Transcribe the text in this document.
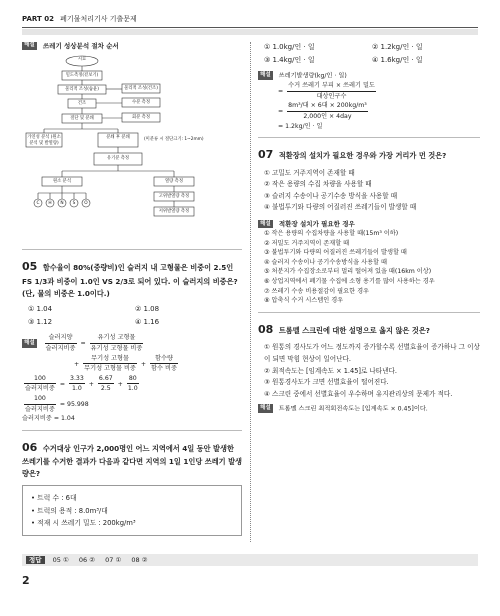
PART 02 폐기물처리기사 기출문제
해설 쓰레기 성상분석 절차 순서
시료
밀도측정(겉보기)
물리적 조성(습윤)
건조
물리적 조성(건조)
수분 측정
절단 및 분쇄	회분 측정
가연성 분석 (원소분석 및 발열량)
분쇄 후 분쇄	(미분류 시 절단크기: 1~2mm)
유기분 측정
원소 분석	열량 측정
C	H	N	S	O
고위발열량 측정
저위발열량 측정
05 함수율이 80%(중량비)인 슬러지 내 고형물은 비중이 2.5인 FS 1/3과 비중이 1.0인 VS 2/3로 되어 있다. 이 슬러지의 비중은?(단, 물의 비중은 1.0이다.)
① 1.04	② 1.08
③ 1.12	④ 1.16
해설 $\frac{\text{슬러지양}}{\text{슬러지비중}} = \frac{\text{유기성 고형물}}{\text{유기성 고형물 비중}}$
+ $\frac{\text{무기성 고형물}}{\text{무기성 고형물 비중}} + \frac{\text{함수량}}{\text{함수 비중}}$
$\frac{100}{\text{슬러지비중}} = \frac{3.33}{1.0} + \frac{6.67}{2.5} + \frac{80}{1.0}$
$\frac{100}{\text{슬러지비중}} = 95.998$
슬러지비중 = 1.04
06 수거대상 인구가 2,000명인 어느 지역에서 4일 동안 발생한 쓰레기를 수거한 결과가 다음과 같다면 지역의 1일 1인당 쓰레기 발생량은?
• 트럭 수 : 6대
• 트럭의 용적 : 8.0m³/대
• 적재 시 쓰레기 밀도 : 200kg/m³
① 1.0kg/인 · 일	② 1.2kg/인 · 일
③ 1.4kg/인 · 일	④ 1.6kg/인 · 일
해설 쓰레기발생량(kg/인 · 일)
= $\frac{\text{수거 쓰레기 부피 × 쓰레기 밀도}}{\text{대상인구수}}$
= $\frac{\text{8m³/대 × 6대 × 200kg/m³}}{\text{2,000인 × 4day}}$
= 1.2kg/인 · 일
07 적환장의 설치가 필요한 경우와 가장 거리가 먼 것은?
① 고밀도 거주지역이 존재할 때
② 작은 용량의 수집 차량을 사용할 때
③ 슬러지 수송이나 공기수송 방식을 사용할 때
④ 불법투기와 다량의 어질러진 쓰레기들이 발생할 때
해설 적환장 설치가 필요한 경우
① 작은 용량의 수집차량을 사용할 때(15m³ 이하)
② 저밀도 거주지역이 존재할 때
③ 불법투기와 다량의 어질러진 쓰레기들이 발생할 때
④ 슬러지 수송이나 공기수송방식을 사용할 때
⑤ 처분지가 수집장소로부터 멀리 떨어져 있을 때(16km 이상)
⑥ 상업지역에서 폐기물 수집에 소형 용기를 많이 사용하는 경우
⑦ 쓰레기 수송 비용절감이 필요한 경우
⑧ 압축식 수거 시스템인 경우
08 트롬멜 스크린에 대한 설명으로 옳지 않은 것은?
① 원통의 경사도가 어느 정도까지 증가할수록 선별효율이 증가하나 그 이상이 되면 막힘 현상이 일어난다.
② 최적속도는 [임계속도 × 1.45]로 나타낸다.
③ 원통경사도가 크면 선별효율이 떨어진다.
④ 스크린 중에서 선별효율이 우수하며 유지관리상의 문제가 적다.
해설 트롬멜 스크린 최적회전속도는 [임계속도 × 0.45]이다.
정답 05 ① 06 ② 07 ① 08 ②
2
